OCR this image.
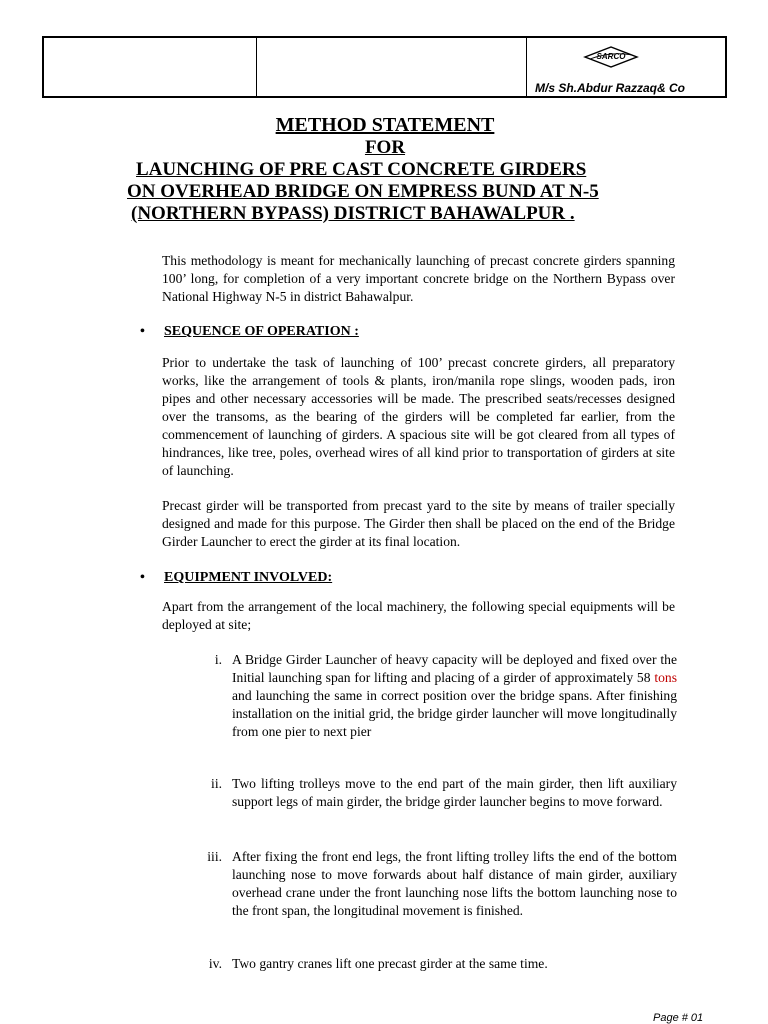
SARCO
M/s Sh.Abdur Razzaq& Co
METHOD STATEMENT
FOR
LAUNCHING OF PRE CAST CONCRETE GIRDERS
ON OVERHEAD BRIDGE ON EMPRESS BUND AT N-5
(NORTHERN BYPASS) DISTRICT BAHAWALPUR .
This methodology is meant for mechanically launching of precast concrete girders spanning 100’ long, for completion of a very important concrete bridge on the Northern Bypass over National Highway N-5 in district Bahawalpur.
• SEQUENCE OF OPERATION :
Prior to undertake the task of launching of 100’ precast concrete girders, all preparatory works, like the arrangement of tools & plants, iron/manila rope slings, wooden pads, iron pipes and other necessary accessories will be made. The prescribed seats/recesses designed over the transoms, as the bearing of the girders will be completed far earlier, from the commencement of launching of girders. A spacious site will be got cleared from all types of hindrances, like tree, poles, overhead wires of all kind prior to transportation of girders at site of launching.
Precast girder will be transported from precast yard to the site by means of trailer specially designed and made for this purpose. The Girder then shall be placed on the end of the Bridge Girder Launcher to erect the girder at its final location.
• EQUIPMENT INVOLVED:
Apart from the arrangement of the local machinery, the following special equipments will be deployed at site;
i. A Bridge Girder Launcher of heavy capacity will be deployed and fixed over the Initial launching span for lifting and placing of a girder of approximately 58 tons and launching the same in correct position over the bridge spans. After finishing installation on the initial grid, the bridge girder launcher will move longitudinally from one pier to next pier
ii. Two lifting trolleys move to the end part of the main girder, then lift auxiliary support legs of main girder, the bridge girder launcher begins to move forward.
iii. After fixing the front end legs, the front lifting trolley lifts the end of the bottom launching nose to move forwards about half distance of main girder, auxiliary overhead crane under the front launching nose lifts the bottom launching nose to the front span, the longitudinal movement is finished.
iv. Two gantry cranes lift one precast girder at the same time.
Page # 01
